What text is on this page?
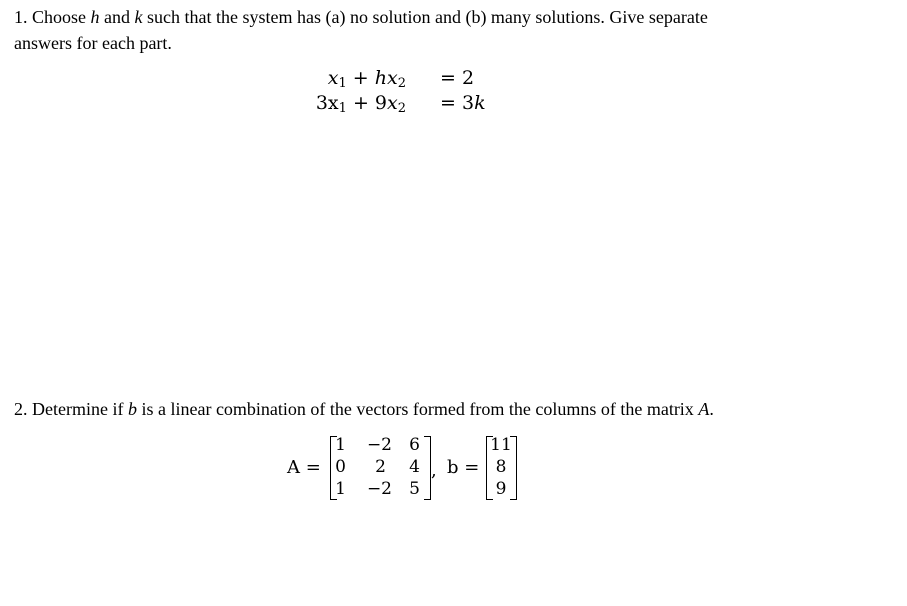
1. Choose h and k such that the system has (a) no solution and (b) many solutions. Give separate
answers for each part.
$x_1 + hx_2 = 2$
$3x_1 + 9x_2 = 3k$
2. Determine if b is a linear combination of the vectors formed from the columns of the matrix A.
A =
1	−2	6
0	2	4
1	−2	5
, b =
11
8
9
